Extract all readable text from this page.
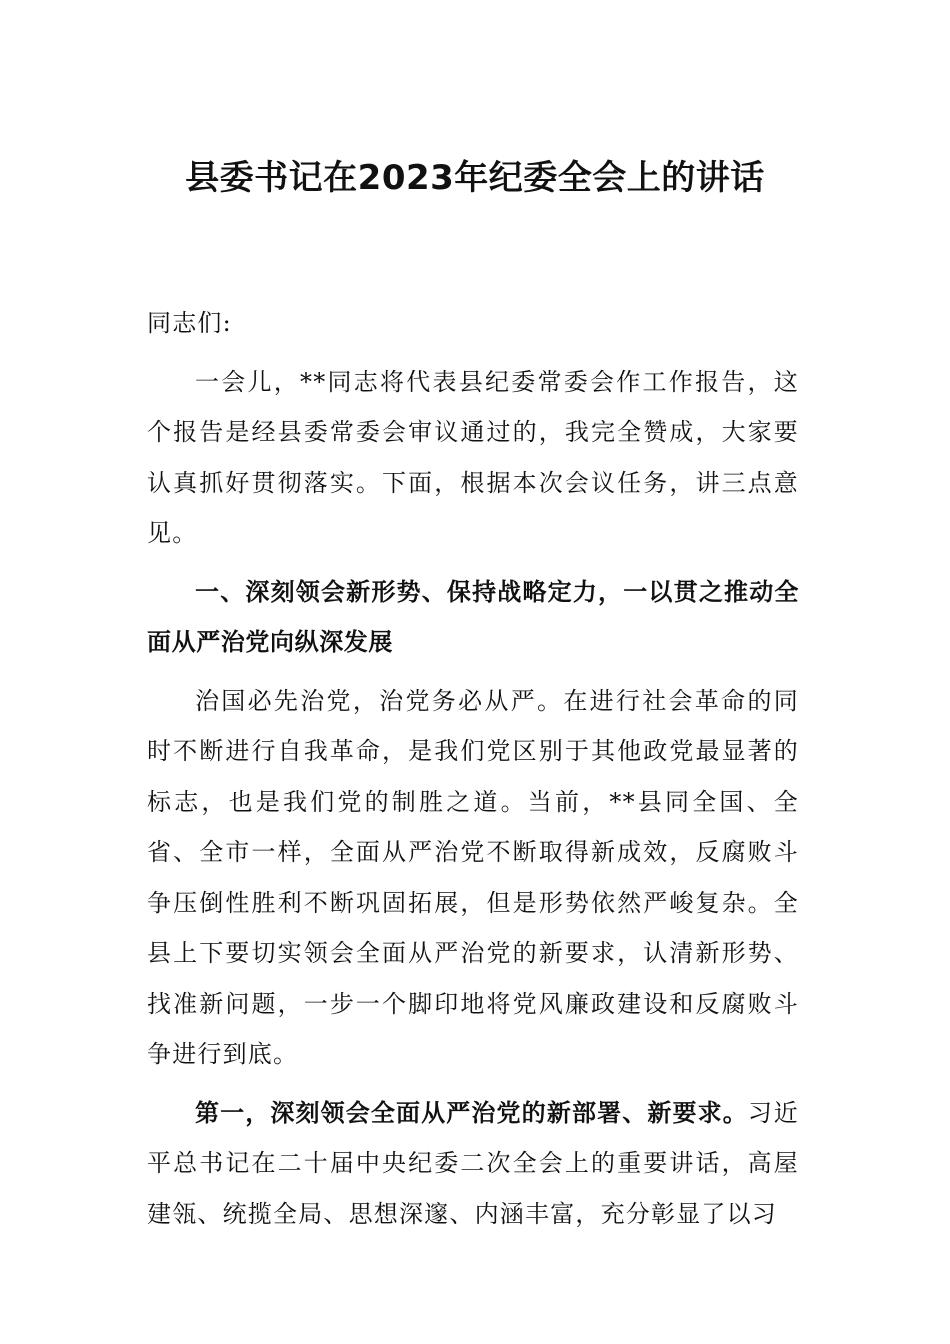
县委书记在2023年纪委全会上的讲话

同志们:

一会儿，**同志将代表县纪委常委会作工作报告，这个报告是经县委常委会审议通过的，我完全赞成，大家要认真抓好贯彻落实。下面，根据本次会议任务，讲三点意见。

一、深刻领会新形势、保持战略定力，一以贯之推动全面从严治党向纵深发展

治国必先治党，治党务必从严。在进行社会革命的同时不断进行自我革命，是我们党区别于其他政党最显著的标志，也是我们党的制胜之道。当前，**县同全国、全省、全市一样，全面从严治党不断取得新成效，反腐败斗争压倒性胜利不断巩固拓展，但是形势依然严峻复杂。全县上下要切实领会全面从严治党的新要求，认清新形势、找准新问题，一步一个脚印地将党风廉政建设和反腐败斗争进行到底。

第一，深刻领会全面从严治党的新部署、新要求。习近平总书记在二十届中央纪委二次全会上的重要讲话，高屋建瓴、统揽全局、思想深邃、内涵丰富，充分彰显了以习
